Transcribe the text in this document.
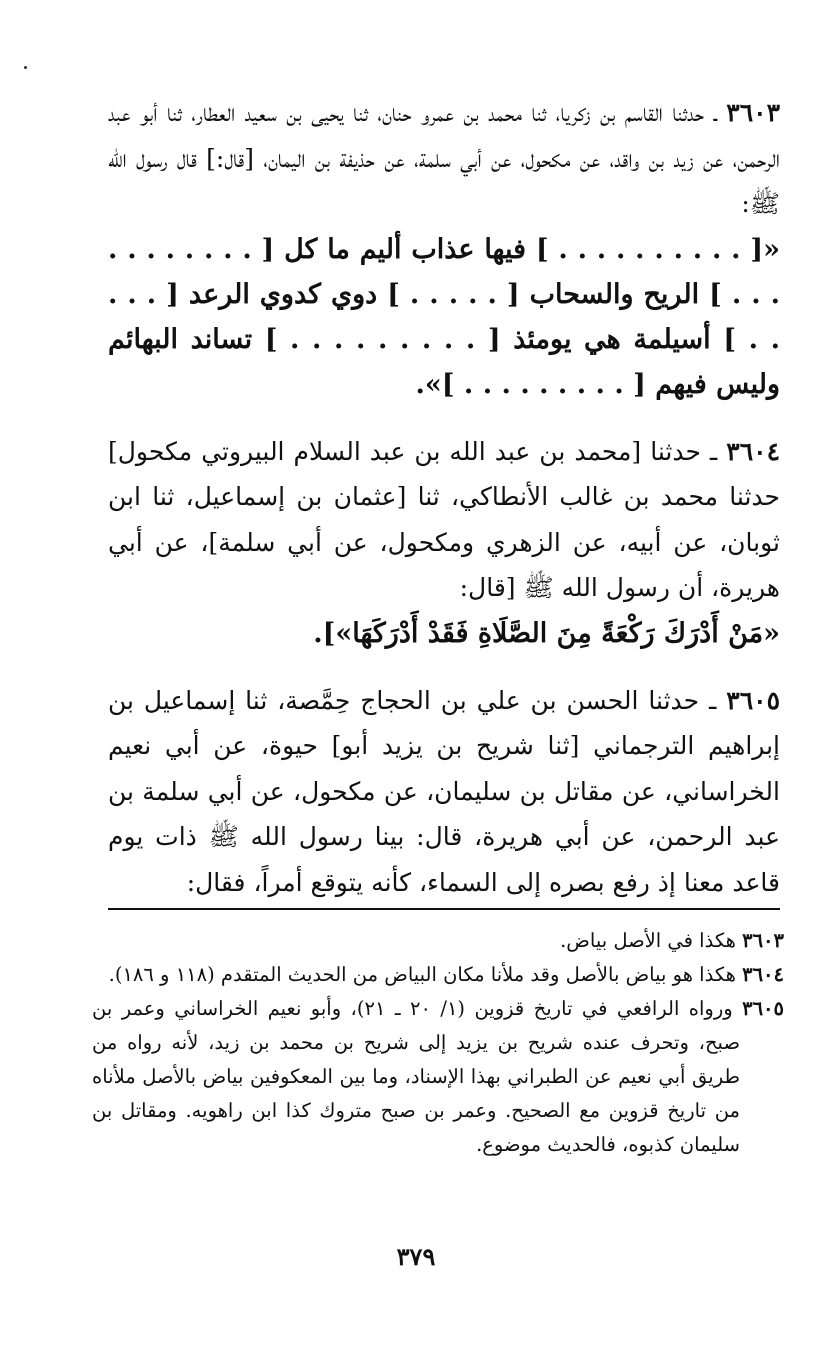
٣٦٠٣ ـ حدثنا القاسم بن زكريا، ثنا محمد بن عمرو حنان، ثنا يحيى بن سعيد العطار، ثنا أبو عبد الرحمن، عن زيد بن واقد، عن مكحول، عن أبي سلمة، عن حذيفة بن اليمان، [قال:] قال رسول الله ﷺ:

«[ . . . . . . . . . . ] فيها عذاب أليم ما كل [ . . . . . . . . . . . ] الريح والسحاب [ . . . . . ] دوي كدوي الرعد [ . . . . . ] أسيلمة هي يومئذ [ . . . . . . . . . ] تساند البهائم وليس فيهم [ . . . . . . . . . ]».

٣٦٠٤ ـ حدثنا [محمد بن عبد الله بن عبد السلام البيروتي مكحول] حدثنا محمد بن غالب الأنطاكي، ثنا [عثمان بن إسماعيل، ثنا ابن ثوبان، عن أبيه، عن الزهري ومكحول، عن أبي سلمة]، عن أبي هريرة، أن رسول الله ﷺ [قال:

«مَنْ أَدْرَكَ رَكْعَةً مِنَ الصَّلَاةِ فَقَدْ أَدْرَكَهَا»].

٣٦٠٥ ـ حدثنا الحسن بن علي بن الحجاج حِمَّصة، ثنا إسماعيل بن إبراهيم الترجماني [ثنا شريح بن يزيد أبو] حيوة، عن أبي نعيم الخراساني، عن مقاتل بن سليمان، عن مكحول، عن أبي سلمة بن عبد الرحمن، عن أبي هريرة، قال: بينا رسول الله ﷺ ذات يوم قاعد معنا إذ رفع بصره إلى السماء، كأنه يتوقع أمراً، فقال:

٣٦٠٣ هكذا في الأصل بياض.

٣٦٠٤ هكذا هو بياض بالأصل وقد ملأنا مكان البياض من الحديث المتقدم (١١٨ و ١٨٦).

٣٦٠٥ ورواه الرافعي في تاريخ قزوين (١/ ٢٠ ـ ٢١)، وأبو نعيم الخراساني وعمر بن صبح، وتحرف عنده شريح بن يزيد إلى شريح بن محمد بن زيد، لأنه رواه من طريق أبي نعيم عن الطبراني بهذا الإسناد، وما بين المعكوفين بياض بالأصل ملأناه من تاريخ قزوين مع الصحيح. وعمر بن صبح متروك كذا ابن راهويه. ومقاتل بن سليمان كذبوه، فالحديث موضوع.

٣٧٩
